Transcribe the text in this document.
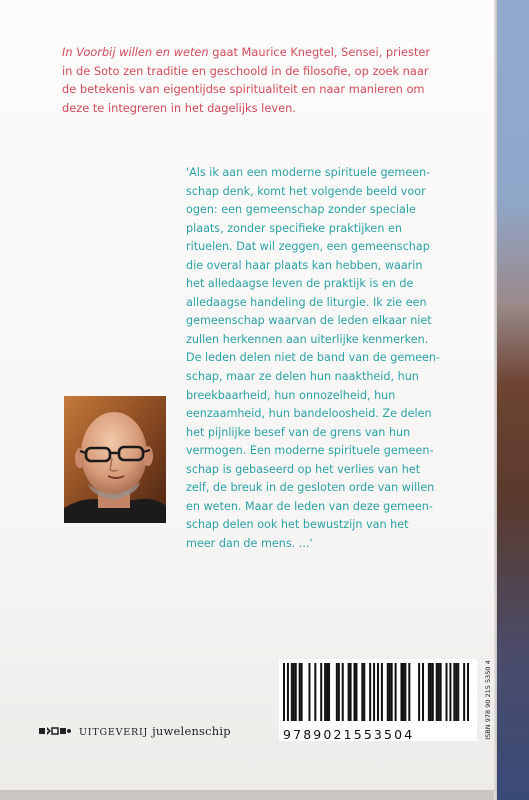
In Voorbij willen en weten gaat Maurice Knegtel, Sensei, priester in de Soto zen traditie en geschoold in de filosofie, op zoek naar de betekenis van eigentijdse spiritualiteit en naar manieren om deze te integreren in het dagelijks leven.

'Als ik aan een moderne spirituele gemeen-
schap denk, komt het volgende beeld voor
ogen: een gemeenschap zonder speciale
plaats, zonder specifieke praktijken en
rituelen. Dat wil zeggen, een gemeenschap
die overal haar plaats kan hebben, waarin
het alledaagse leven de praktijk is en de
alledaagse handeling de liturgie. Ik zie een
gemeenschap waarvan de leden elkaar niet
zullen herkennen aan uiterlijke kenmerken.
De leden delen niet de band van de gemeen-
schap, maar ze delen hun naaktheid, hun
breekbaarheid, hun onnozelheid, hun
eenzaamheid, hun bandeloosheid. Ze delen
het pijnlijke besef van de grens van hun
vermogen. Een moderne spirituele gemeen-
schap is gebaseerd op het verlies van het
zelf, de breuk in de gesloten orde van willen
en weten. Maar de leden van deze gemeen-
schap delen ook het bewustzijn van het
meer dan de mens. ...'
UITGEVERIJ juwelenschip	9789021553504	ISBN 978 90 215 5350 4
